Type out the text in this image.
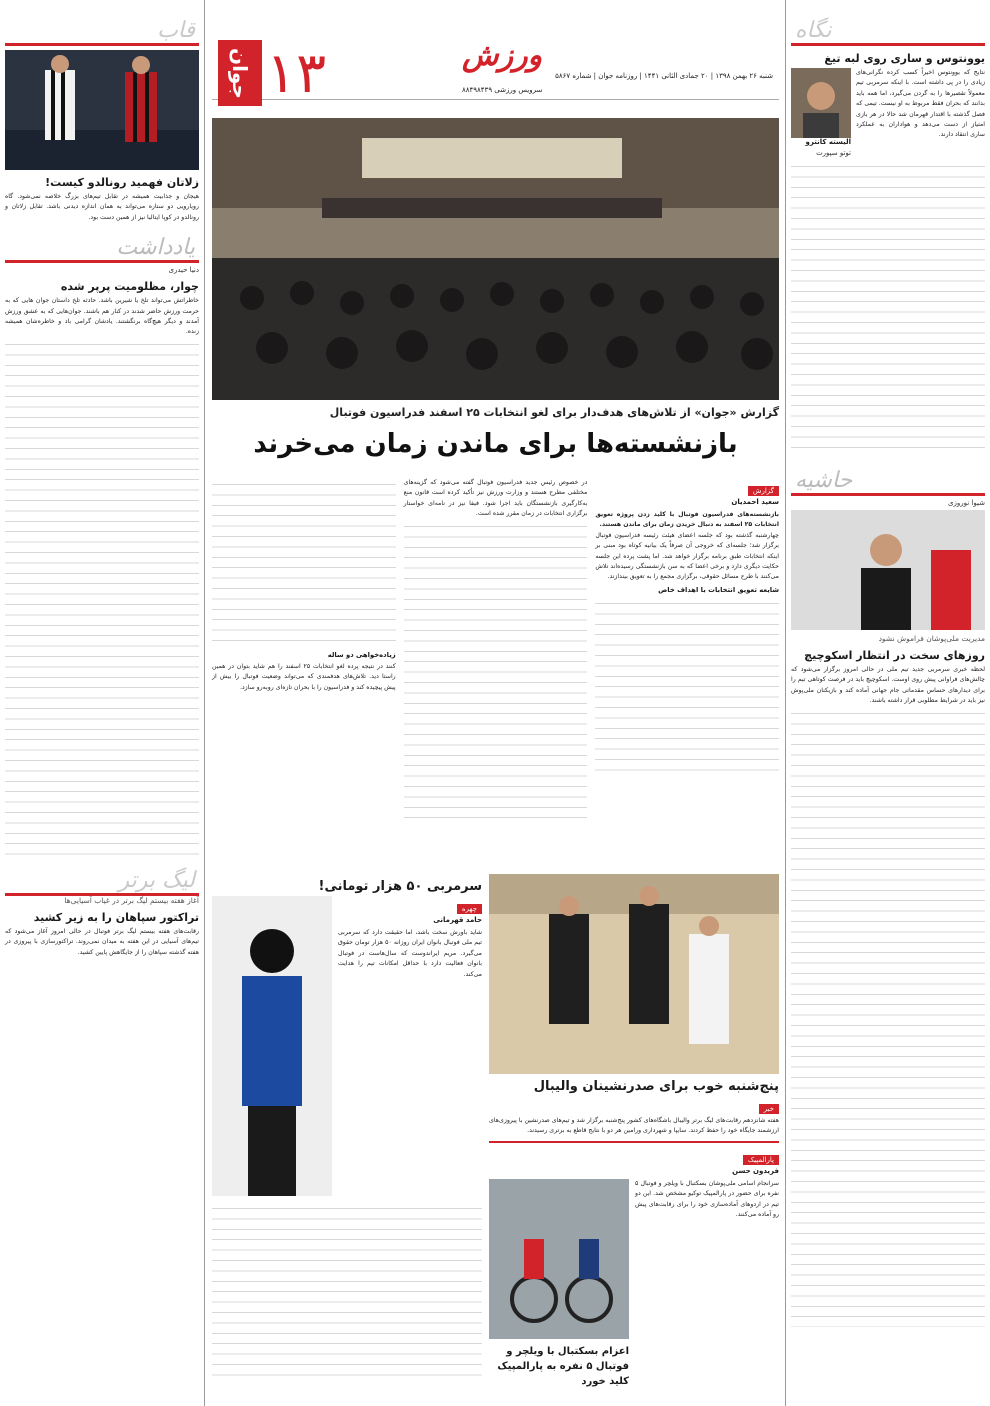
قاب
زلاتان فهمید رونالدو کیست!
هیجان و جذابیت همیشه در تقابل تیم‌های بزرگ خلاصه نمی‌شود. گاه رویارویی دو ستاره می‌تواند به همان اندازه دیدنی باشد. تقابل زلاتان و رونالدو در کوپا ایتالیا نیز از همین دست بود.
یادداشت
دنیا حیدری
چوار، مظلومیت پرپر شده
خاطراتش می‌تواند تلخ یا شیرین باشد. حادثه تلخ داستان جوان هایی که به حرمت ورزش حاضر شدند در کنار هم باشند. جوان‌هایی که به عشق ورزش آمدند و دیگر هیچ‌گاه برنگشتند. یادشان گرامی باد و خاطره‌شان همیشه زنده.
لیگ برتر
آغاز هفته بیستم لیگ برتر در غیاب آسیایی‌ها
تراکتور سپاهان را به زیر کشید
رقابت‌های هفته بیستم لیگ برتر فوتبال در حالی امروز آغاز می‌شود که تیم‌های آسیایی در این هفته به میدان نمی‌روند. تراکتورسازی با پیروزی در هفته گذشته سپاهان را از جایگاهش پایین کشید.
جوان ۱۳	ورزش
سرویس ورزشی ۸۸۴۹۸۴۳۹
شنبه ۲۶ بهمن ۱۳۹۸ | ۲۰ جمادی الثانی ۱۴۴۱ | روزنامه جوان | شماره ۵۸۶۷
گزارش «جوان» از تلاش‌های هدف‌دار برای لغو انتخابات ۲۵ اسفند فدراسیون فوتبال
بازنشسته‌ها برای ماندن زمان می‌خرند
گزارش
سعید احمدیان
بازنشسته‌های فدراسیون فوتبال با کلید زدن پروژه تعویق انتخابات ۲۵ اسفند به دنبال خریدن زمان برای ماندن هستند.
چهارشنبه گذشته بود که جلسه اعضای هیئت رئیسه فدراسیون فوتبال برگزار شد؛ جلسه‌ای که خروجی آن صرفاً یک بیانیه کوتاه بود مبنی بر اینکه انتخابات طبق برنامه برگزار خواهد شد. اما پشت پرده این جلسه حکایت دیگری دارد و برخی اعضا که به سن بازنشستگی رسیده‌اند تلاش می‌کنند با طرح مسائل حقوقی، برگزاری مجمع را به تعویق بیندازند.
شایعه تعویق انتخابات با اهداف خاص
در خصوص رئیس جدید فدراسیون فوتبال گفته می‌شود که گزینه‌های مختلفی مطرح هستند و وزارت ورزش نیز تأکید کرده است قانون منع به‌کارگیری بازنشستگان باید اجرا شود. فیفا نیز در نامه‌ای خواستار برگزاری انتخابات در زمان مقرر شده است.
زیاده‌خواهی دو ساله
کنند در نتیجه پرده لغو انتخابات ۲۵ اسفند را هم شاید بتوان در همین راستا دید. تلاش‌های هدفمندی که می‌تواند وضعیت فوتبال را بیش از پیش پیچیده کند و فدراسیون را با بحران تازه‌ای روبه‌رو سازد.
پنج‌شنبه خوب برای صدرنشینان والیبال
خبر
هفته شانزدهم رقابت‌های لیگ برتر والیبال باشگاه‌های کشور پنج‌شنبه برگزار شد و تیم‌های صدرنشین با پیروزی‌های ارزشمند جایگاه خود را حفظ کردند. سایپا و شهرداری ورامین هر دو با نتایج قاطع به برتری رسیدند.
پارالمپیک
فریدون حسن
سرانجام اسامی ملی‌پوشان بسکتبال با ویلچر و فوتبال ۵ نفره برای حضور در پارالمپیک توکیو مشخص شد. این دو تیم در اردوهای آماده‌سازی خود را برای رقابت‌های پیش رو آماده می‌کنند.
اعزام بسکتبال با ویلچر و فوتبال ۵ نفره به پارالمپیک کلید خورد
سرمربی ۵۰ هزار تومانی!
چهره
حامد قهرمانی
شاید باورش سخت باشد، اما حقیقت دارد که سرمربی تیم ملی فوتبال بانوان ایران روزانه ۵۰ هزار تومان حقوق می‌گیرد. مریم ایراندوست که سال‌هاست در فوتبال بانوان فعالیت دارد با حداقل امکانات تیم را هدایت می‌کند.
نگاه
یوونتوس و ساری روی لبه تیغ
نتایج که یوونتوس اخیراً کسب کرده نگرانی‌های زیادی را در پی داشته است. با اینکه سرمربی تیم معمولاً تقصیرها را به گردن می‌گیرد، اما همه باید بدانند که بحران فقط مربوط به او نیست. تیمی که فصل گذشته با اقتدار قهرمان شد حالا در هر بازی امتیاز از دست می‌دهد و هواداران به عملکرد ساری انتقاد دارند.
آلیسته کانترو
توتو سپورت
حاشیه
شیوا نوروزی
مدیریت ملی‌پوشان فراموش نشود
روزهای سخت در انتظار اسکوچیچ
لحظه خبری سرمربی جدید تیم ملی در حالی امروز برگزار می‌شود که چالش‌های فراوانی پیش روی اوست. اسکوچیچ باید در فرصت کوتاهی تیم را برای دیدارهای حساس مقدماتی جام جهانی آماده کند و بازیکنان ملی‌پوش نیز باید در شرایط مطلوبی قرار داشته باشند.
